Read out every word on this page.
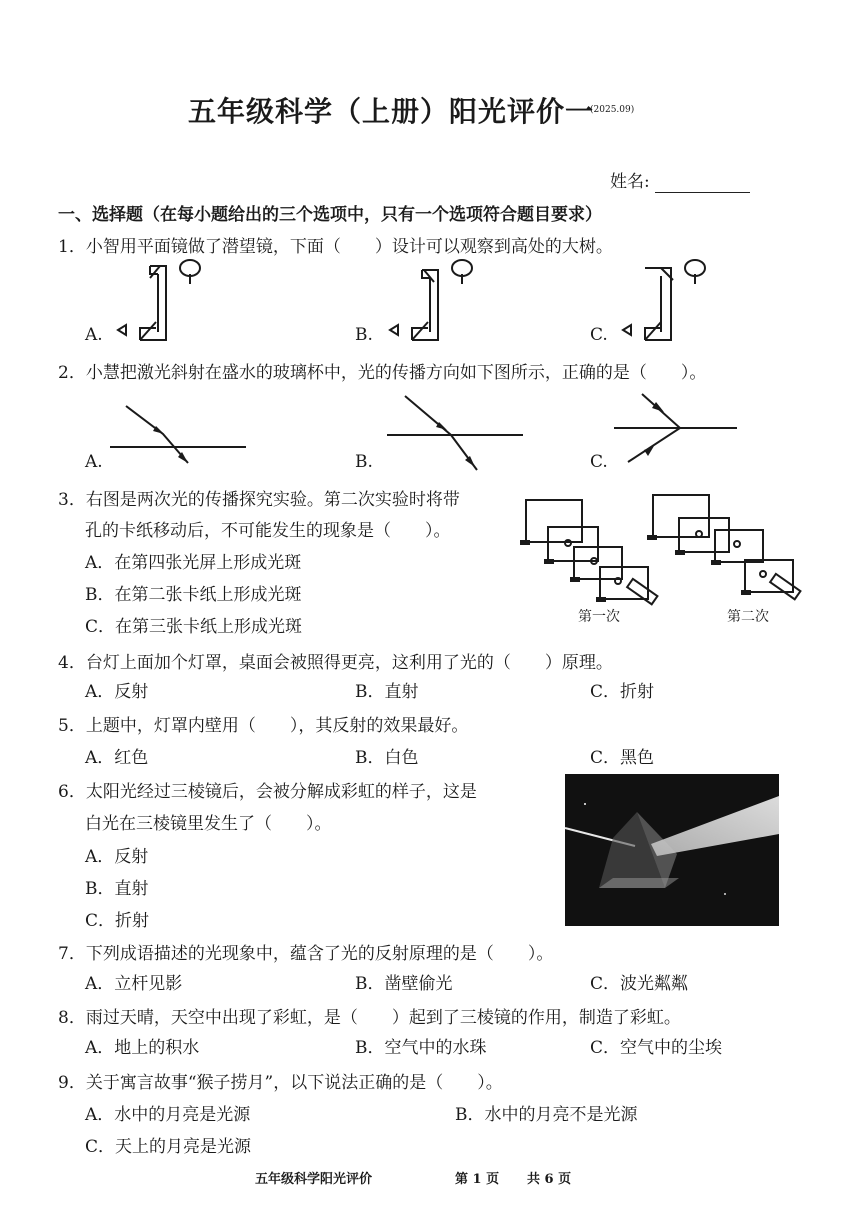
五年级科学（上册）阳光评价一
(2025.09)
姓名:
一、选择题（在每小题给出的三个选项中，只有一个选项符合题目要求）
1．小智用平面镜做了潜望镜，下面（　　）设计可以观察到高处的大树。
A.	B.	C.
2．小慧把激光斜射在盛水的玻璃杯中，光的传播方向如下图所示，正确的是（　　）。
A.	B.	C.
3．右图是两次光的传播探究实验。第二次实验时将带
孔的卡纸移动后，不可能发生的现象是（　　）。
A．在第四张光屏上形成光斑
B．在第二张卡纸上形成光斑
C．在第三张卡纸上形成光斑	第一次	第二次
4．台灯上面加个灯罩，桌面会被照得更亮，这利用了光的（　　）原理。
A．反射	B．直射	C．折射
5．上题中，灯罩内壁用（　　），其反射的效果最好。
A．红色	B．白色	C．黑色
6．太阳光经过三棱镜后，会被分解成彩虹的样子，这是
白光在三棱镜里发生了（　　）。
A．反射
B．直射
C．折射
7．下列成语描述的光现象中，蕴含了光的反射原理的是（　　）。
A．立杆见影	B．凿壁偷光	C．波光粼粼
8．雨过天晴，天空中出现了彩虹，是（　　）起到了三棱镜的作用，制造了彩虹。
A．地上的积水	B．空气中的水珠	C．空气中的尘埃
9．关于寓言故事“猴子捞月”，以下说法正确的是（　　）。
A．水中的月亮是光源	B．水中的月亮不是光源
C．天上的月亮是光源
五年级科学阳光评价	第 1 页 共 6 页
